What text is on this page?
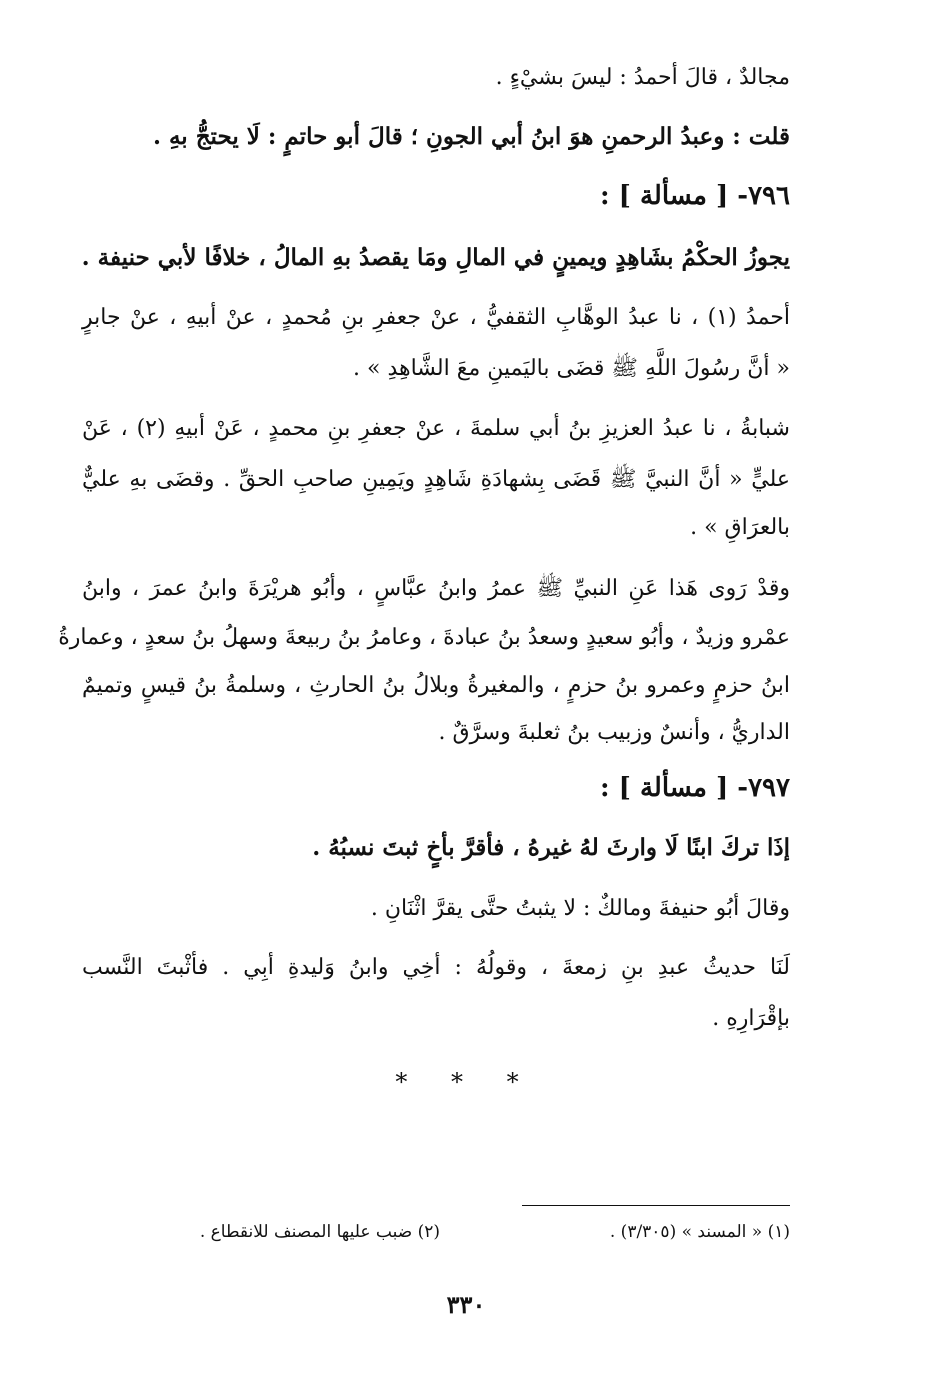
مجالدٌ ، قالَ أحمدُ : ليسَ بشيْءٍ .
قلت : وعبدُ الرحمنِ هوَ ابنُ أبي الجونِ ؛ قالَ أبو حاتمٍ : لَا يحتجُّ بهِ .
٧٩٦- [ مسألة ] :
يجوزُ الحكْمُ بشَاهِدٍ ويمينٍ في المالِ ومَا يقصدُ بهِ المالُ ، خلافًا لأبي حنيفة .
أحمدُ (١) ، نا عبدُ الوهَّابِ الثقفيُّ ، عنْ جعفرِ بنِ مُحمدٍ ، عنْ أبيهِ ، عنْ جابرٍ
« أنَّ رسُولَ اللَّهِ ﷺ قضَى باليَمينِ معَ الشَّاهِدِ » .
شبابةُ ، نا عبدُ العزيزِ بنُ أبي سلمةَ ، عنْ جعفرِ بنِ محمدٍ ، عَنْ أبيهِ (٢) ، عَنْ
عليٍّ « أنَّ النبيَّ ﷺ قَضَى بِشهادَةِ شَاهِدٍ ويَمِينِ صاحبِ الحقِّ . وقضَى بهِ عليٌّ
بالعرَاقِ » .
وقدْ رَوى هَذا عَنِ النبيِّ ﷺ عمرُ وابنُ عبَّاسٍ ، وأبُو هريْرَةَ وابنُ عمرَ ، وابنُ
عمْرو وزيدٌ ، وأبُو سعيدٍ وسعدُ بنُ عبادةَ ، وعامرُ بنُ ربيعةَ وسهلُ بنُ سعدٍ ، وعمارةُ
ابنُ حزمٍ وعمرو بنُ حزمٍ ، والمغيرةُ وبلالُ بنُ الحارثِ ، وسلمةُ بنُ قيسٍ وتميمٌ
الداريُّ ، وأنسٌ وزبيب بنُ ثعلبةَ وسرَّقٌ .
٧٩٧- [ مسألة ] :
إذَا تركَ ابنًا لَا وارثَ لهُ غيرهُ ، فأقرَّ بأخٍ ثبتَ نسبُهُ .
وقالَ أبُو حنيفةَ ومالكٌ : لا يثبتُ حتَّى يقرَّ اثْنَانِ .
لَنَا حديثُ عبدِ بنِ زمعةَ ، وقولُهُ : أخِي وابنُ وَليدةِ أبِي . فأثْبتَ النَّسب
بإقْرَارِهِ .
* * *
(١) « المسند » (٣/٣٠٥) .
(٢) ضبب عليها المصنف للانقطاع .
٣٣٠
